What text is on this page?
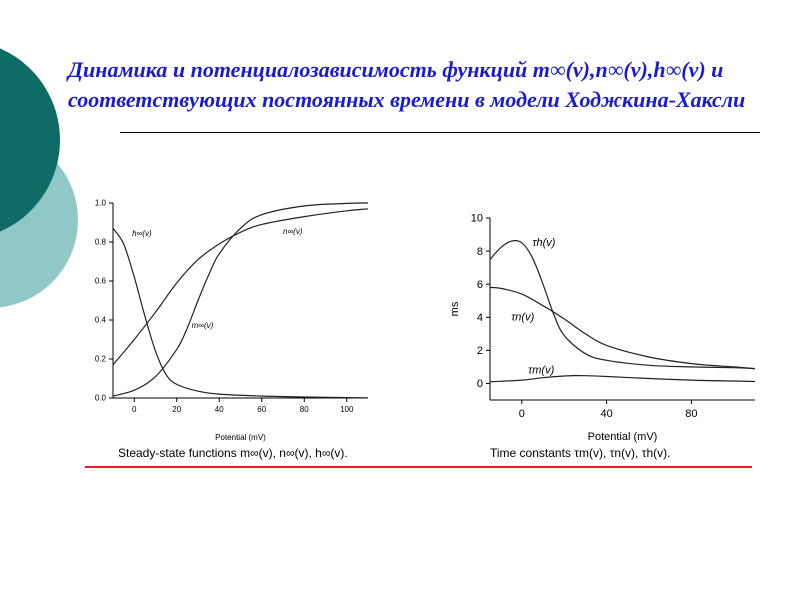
Динамика и потенциалозависимость функций m∞(v),n∞(v),h∞(v) и
соответствующих постоянных времени в модели Ходжкина-Хаксли
0.0
0.2
0.4
0.6
0.8
1.0
0	20	40	60	80	100
Potential (mV)
h∞(v)
m∞(v)
n∞(v)
0
2
4
6
8
10
0	40	80
Potential (mV)
ms
τh(v)
τn(v)
τm(v)
Steady-state functions m∞(v), n∞(v), h∞(v).	Time constants τm(v), τn(v), τh(v).
